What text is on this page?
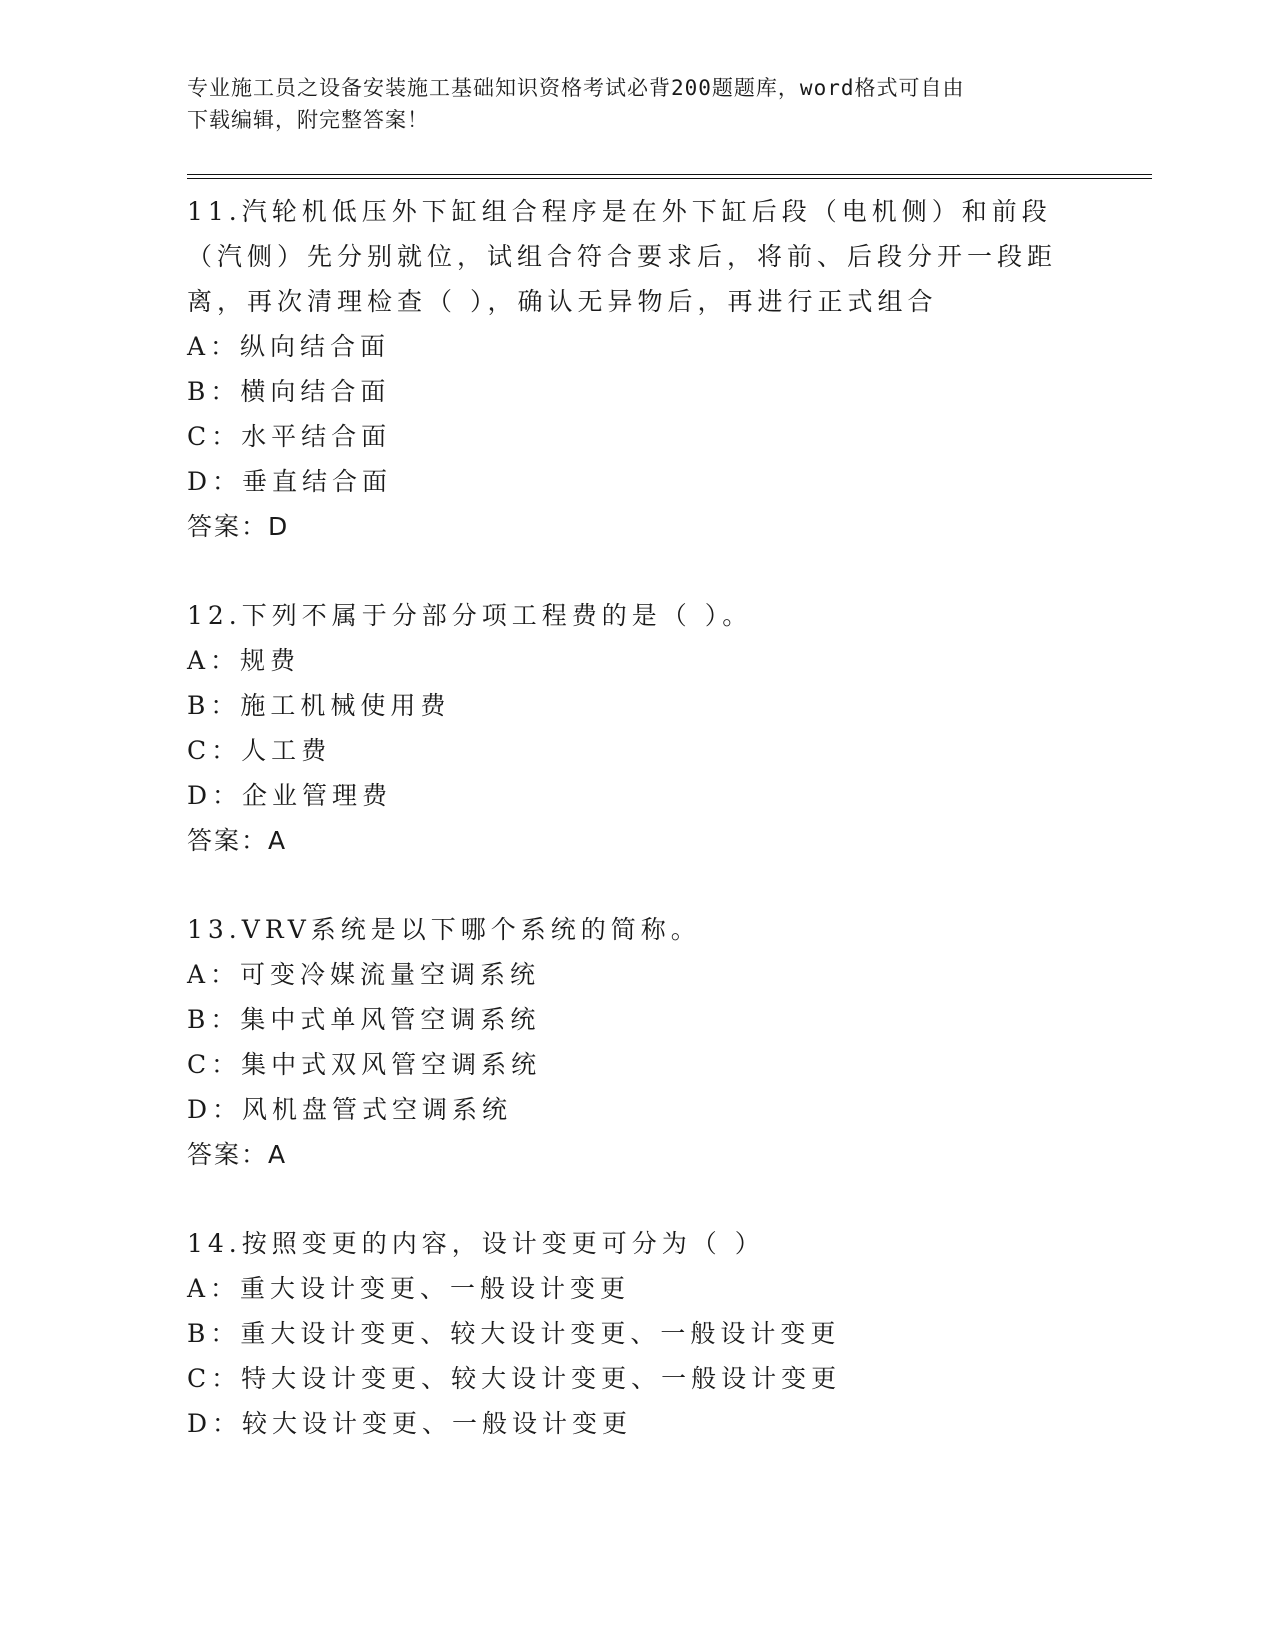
专业施工员之设备安装施工基础知识资格考试必背200题题库，word格式可自由
下载编辑，附完整答案！

11.汽轮机低压外下缸组合程序是在外下缸后段（电机侧）和前段（汽侧）先分别就位，试组合符合要求后，将前、后段分开一段距离，再次清理检查（ ），确认无异物后，再进行正式组合

A：纵向结合面

B：横向结合面

C：水平结合面

D：垂直结合面

答案：D

12.下列不属于分部分项工程费的是（ ）。

A：规费

B：施工机械使用费

C：人工费

D：企业管理费

答案：A

13.VRV系统是以下哪个系统的简称。

A：可变冷媒流量空调系统

B：集中式单风管空调系统

C：集中式双风管空调系统

D：风机盘管式空调系统

答案：A

14.按照变更的内容，设计变更可分为（ ）

A：重大设计变更、一般设计变更

B：重大设计变更、较大设计变更、一般设计变更

C：特大设计变更、较大设计变更、一般设计变更

D：较大设计变更、一般设计变更
